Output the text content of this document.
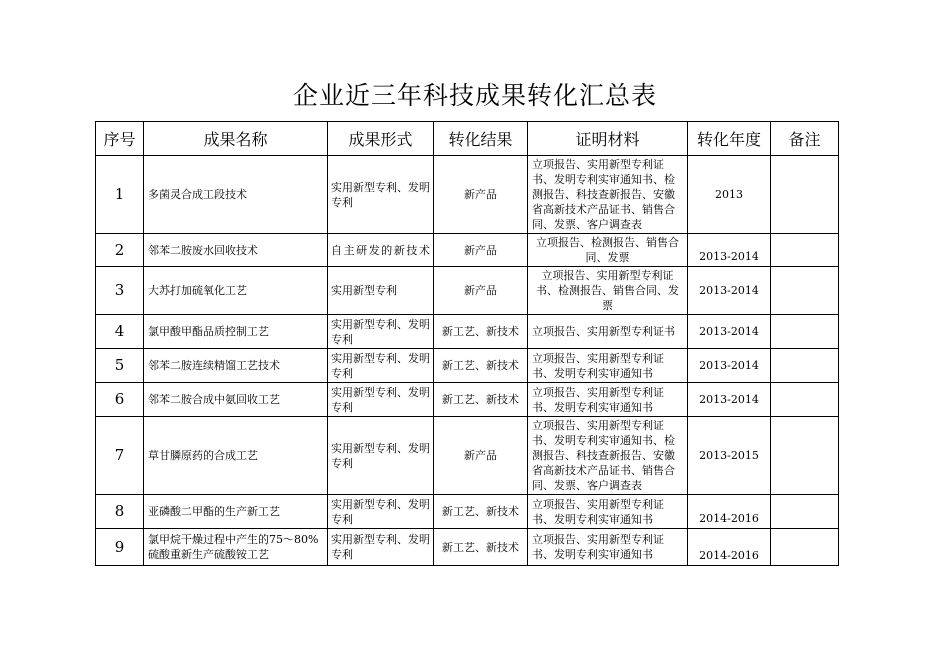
企业近三年科技成果转化汇总表
序号	成果名称	成果形式	转化结果	证明材料	转化年度	备注
1	多菌灵合成工段技术	实用新型专利、发明专利	新产品	立项报告、实用新型专利证书、发明专利实审通知书、检测报告、科技查新报告、安徽省高新技术产品证书、销售合同、发票、客户调查表	2013	
2	邻苯二胺废水回收技术	自主研发的新技术	新产品	立项报告、检测报告、销售合同、发票	2013-2014	
3	大苏打加硫氧化工艺	实用新型专利	新产品	立项报告、实用新型专利证书、检测报告、销售合同、发票	2013-2014	
4	氯甲酸甲酯品质控制工艺	实用新型专利、发明专利	新工艺、新技术	立项报告、实用新型专利证书	2013-2014	
5	邻苯二胺连续精馏工艺技术	实用新型专利、发明专利	新工艺、新技术	立项报告、实用新型专利证书、发明专利实审通知书	2013-2014	
6	邻苯二胺合成中氨回收工艺	实用新型专利、发明专利	新工艺、新技术	立项报告、实用新型专利证书、发明专利实审通知书	2013-2014	
7	草甘膦原药的合成工艺	实用新型专利、发明专利	新产品	立项报告、实用新型专利证书、发明专利实审通知书、检测报告、科技查新报告、安徽省高新技术产品证书、销售合同、发票、客户调查表	2013-2015	
8	亚磷酸二甲酯的生产新工艺	实用新型专利、发明专利	新工艺、新技术	立项报告、实用新型专利证书、发明专利实审通知书	2014-2016	
9	氯甲烷干燥过程中产生的75～80%硫酸重新生产硫酸铵工艺	实用新型专利、发明专利	新工艺、新技术	立项报告、实用新型专利证书、发明专利实审通知书	2014-2016	
